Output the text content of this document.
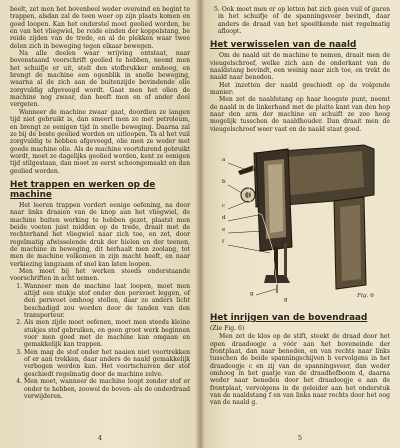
beelt, zet men het bovenbeel weder overeind en begint te trappen, alsdan zal de teen weer op zijn plaats komen en goed loopen. Kan het onderstel moet geolied worden, be en van het vliegwiel, be reide einden der koppelstang, be reide zijden van de trede, en al de plekken waar twee delen zich in beweging tegen elkaar bewegen.

Na alle deelen waar wrijving ontstaat, naar bovenstaand voorschrift geolied te hebben, neemt men het schuifje er uit, stelt den stofbrukker omhoog, en brengt de machine een ogenblik in snelle beweging, waarna al de zich aan de buitenzijde bevindende olie zorgvuldig afgeveegd wordt. Gaat men het olien de machine nog zwaar, dan heeft men en of ander deel vergeten.

Wanneer de machine zwaar gaat, doordien ze langen tijd niet gebruikt is, dan smeert men ze met petroleum, en brengt ze eenigen tijd in snelle beweging. Daarna zal ze bij de beste geolied worden en uitloopen. Ta al het vuil zorgvuldig te hebben afgeveegd, olie men ze weder met goede machine olie. Als de machine voortdurend gebruikt wordt, moet ze dagelijks geolied worden, kent ze eenigen tijd stilgestaan, dan moet ze eerst schoongemaakt en dan geolied worden.

Het trappen en werken op de machine

Het leeren trappen vordert eenige oefening, na door naar links draaien van de knop aan het vliegwiel, de machine buiten werking te hebben gezet, plaatst men beide voeten juist midden op de trede, draait met de rechterhand het vliegwiel naar zich toe, en zet, door regelmatig afwisselende druk der hielen en der teenen, de machine in beweging, dit herhaalt men zoolang, tot men de machine volkomen in zijn macht heeft, en naar verkiezing langzaam of snel kan laten loopen.

Men moet bij het werken steeds onderstaande voorschriften in acht nemen.

1. Wanneer men de machine laat loopen, moet men altijd een stukje stof onder den persvoet leggen, of den persvoet omhoog stellen, daar ze anders licht beschadigd zou worden door de tanden van den transporteur.
2. Als men zijde moet oefenen, moet men steeds kleine stukjes stof gebruiken, en geen groot werk beginnen voor men goed met de machine kan omgaan en gemakkelijk kan trappen.
3. Men mag de stof onder het naaien niet voortrekken of er aan trekken, daar anders de naald gemakkelijk verbogen worden kan. Het voortschuiven der stof geschiedt regelmatig door de machine zelve.
4. Men moet, wanneer de machine loopt zonder stof er onder te hebben, zoowel de boven- als de onderdraad verwijderen.
4

5. Ook moet men er op letten bat zich geen vuil of garen in het schuifje of de spanningsveer bevindt, daar anders de draad van het spoeltkende niet regelmatig afloopt.

Het verwisselen van de naald

Om de naald uit de machine te nemen, draait men de vieugelschroef, welke zich aan de onderkant van de naaldstang bevindt, een weinig naar zich toe, en trekt de naald naar beneden.

Het inzetten der naald geschiedt op de volgende manier:

Men zet de naaldstang op haar hoogste punt, neemt de naald in de linkerhand met de platte kant van den hop naar den arm der machine en schuift ze zoo hoog mogelijk tusschen de naaldhouder. Dan draait men de vieugelschroef weer vast en de naald staat goed.

a
b
c
d
e
f
g
g
Fig. 6
Het inrijgen van de bovendraad

(Zie Fig. 6)

Men zet de klos op de stift, steekt de draad door het open draadoogje a vóór aan het boveneinde der frontplaat, dan naar beneden, en van rechts naar links tusschen de beide spanningschijven b vervolgens in het draadoogje c en zij van de spanningsveer, dan weder omhoog in het gaatje van de draadhefboom d, daarna weder naar beneden door het draadoogje e aan de frontplaat, vervolgens in de geleider aan het onderstuk van de naaldstang f en van links naar rechts door het oog van de naald g.

5
